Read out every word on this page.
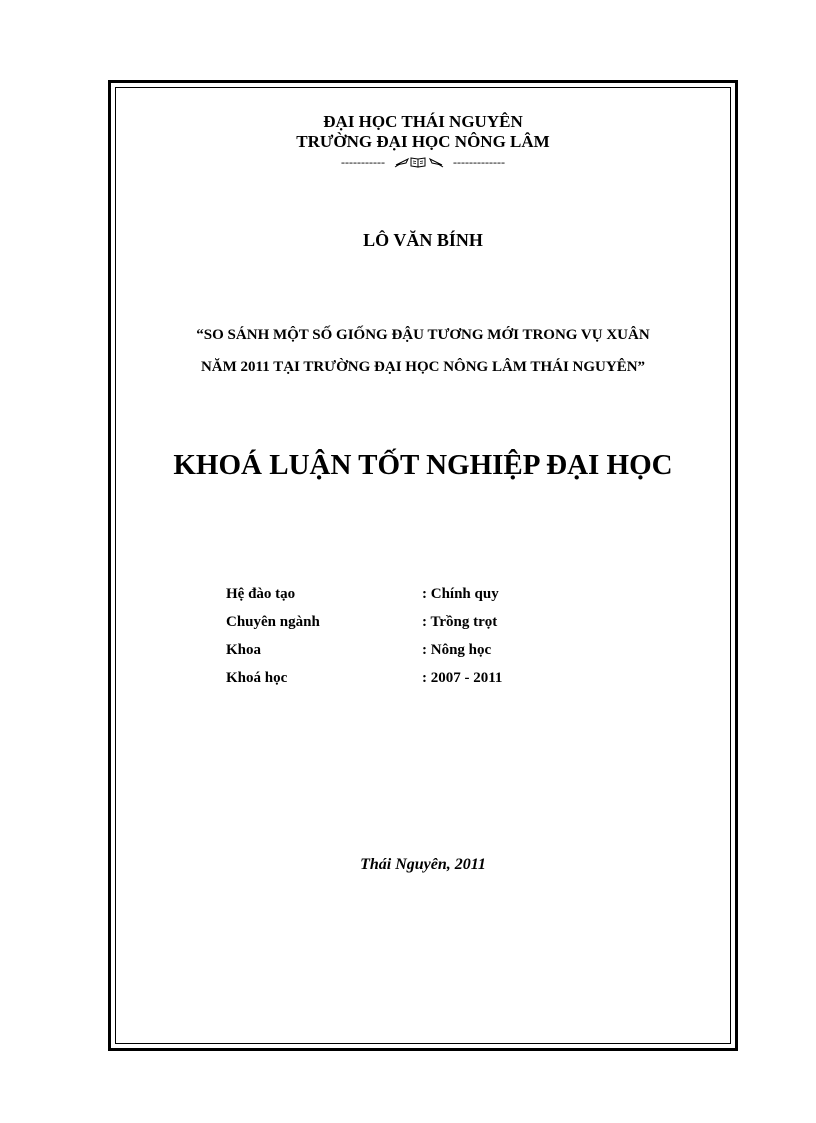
ĐẠI HỌC THÁI NGUYÊN
TRƯỜNG ĐẠI HỌC NÔNG LÂM
-----------	-------------
LÔ VĂN BÍNH
“SO SÁNH MỘT SỐ GIỐNG ĐẬU TƯƠNG MỚI TRONG VỤ XUÂN
NĂM 2011 TẠI TRƯỜNG ĐẠI HỌC NÔNG LÂM THÁI NGUYÊN”
KHOÁ LUẬN TỐT NGHIỆP ĐẠI HỌC
Hệ đào tạo	: Chính quy
Chuyên ngành	: Trồng trọt
Khoa	: Nông học
Khoá học	: 2007 - 2011
Thái Nguyên, 2011
